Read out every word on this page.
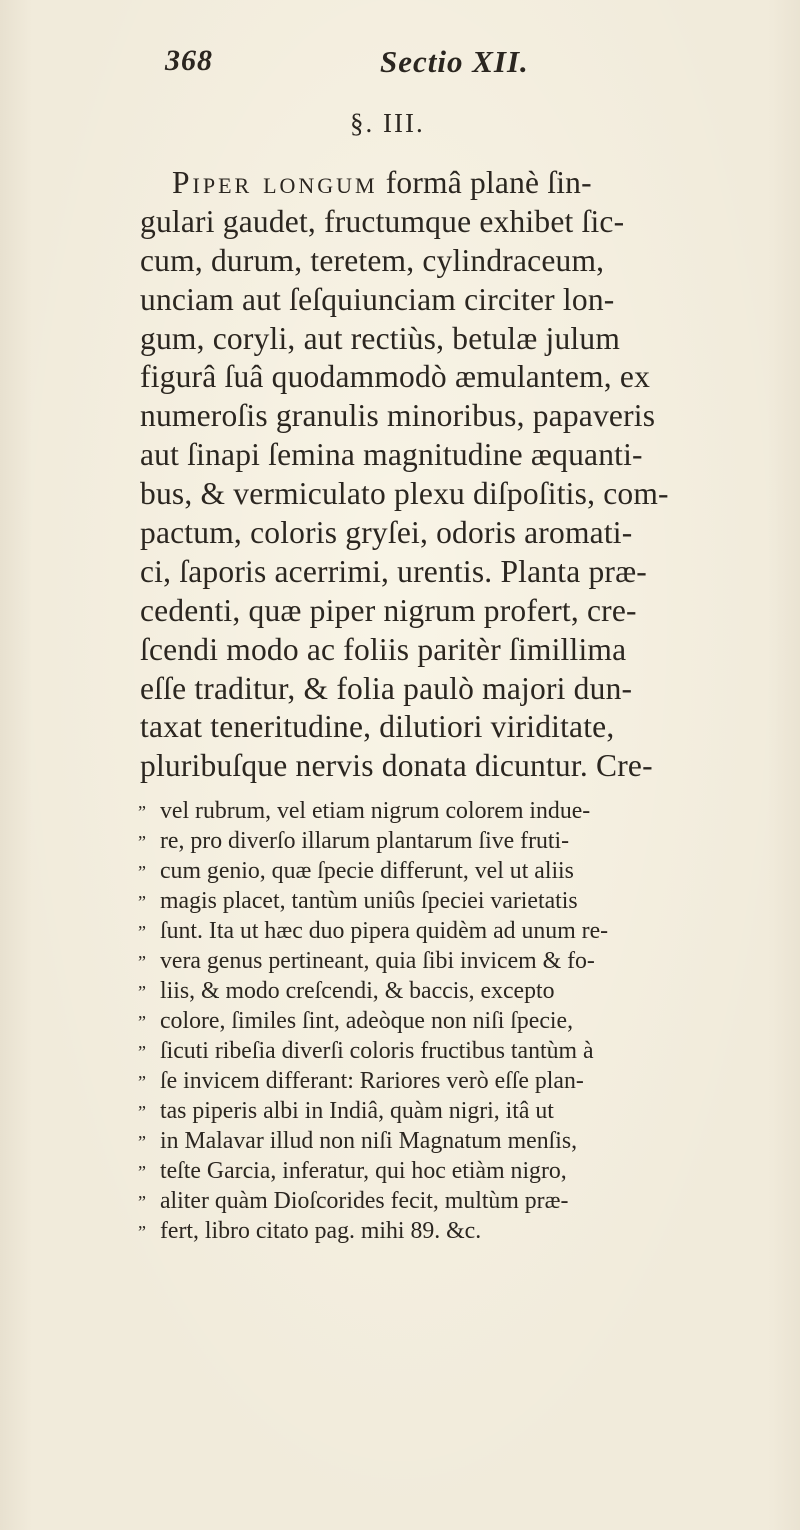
368	Sectio XII.
§. III.
Piper longum formâ planè ſin-
gulari gaudet, fructumque exhibet ſic-
cum, durum, teretem, cylindraceum,
unciam aut ſeſquiunciam circiter lon-
gum, coryli, aut rectiùs, betulæ julum
figurâ ſuâ quodammodò æmulantem, ex
numeroſis granulis minoribus, papaveris
aut ſinapi ſemina magnitudine æquanti-
bus, & vermiculato plexu diſpoſitis, com-
pactum, coloris gryſei, odoris aromati-
ci, ſaporis acerrimi, urentis. Planta præ-
cedenti, quæ piper nigrum profert, cre-
ſcendi modo ac foliis paritèr ſimillima
eſſe traditur, & folia paulò majori dun-
taxat teneritudine, dilutiori viriditate,
pluribuſque nervis donata dicuntur. Cre-
” vel rubrum, vel etiam nigrum colorem indue-
” re, pro diverſo illarum plantarum ſive fruti-
” cum genio, quæ ſpecie differunt, vel ut aliis
” magis placet, tantùm uniûs ſpeciei varietatis
” ſunt. Ita ut hæc duo pipera quidèm ad unum re-
” vera genus pertineant, quia ſibi invicem & fo-
” liis, & modo creſcendi, & baccis, excepto
” colore, ſimiles ſint, adeòque non niſi ſpecie,
” ſicuti ribeſia diverſi coloris fructibus tantùm à
” ſe invicem differant: Rariores verò eſſe plan-
” tas piperis albi in Indiâ, quàm nigri, itâ ut
” in Malavar illud non niſi Magnatum menſis,
” teſte Garcia, inferatur, qui hoc etiàm nigro,
” aliter quàm Dioſcorides fecit, multùm præ-
” fert, libro citato pag. mihi 89. &c.
